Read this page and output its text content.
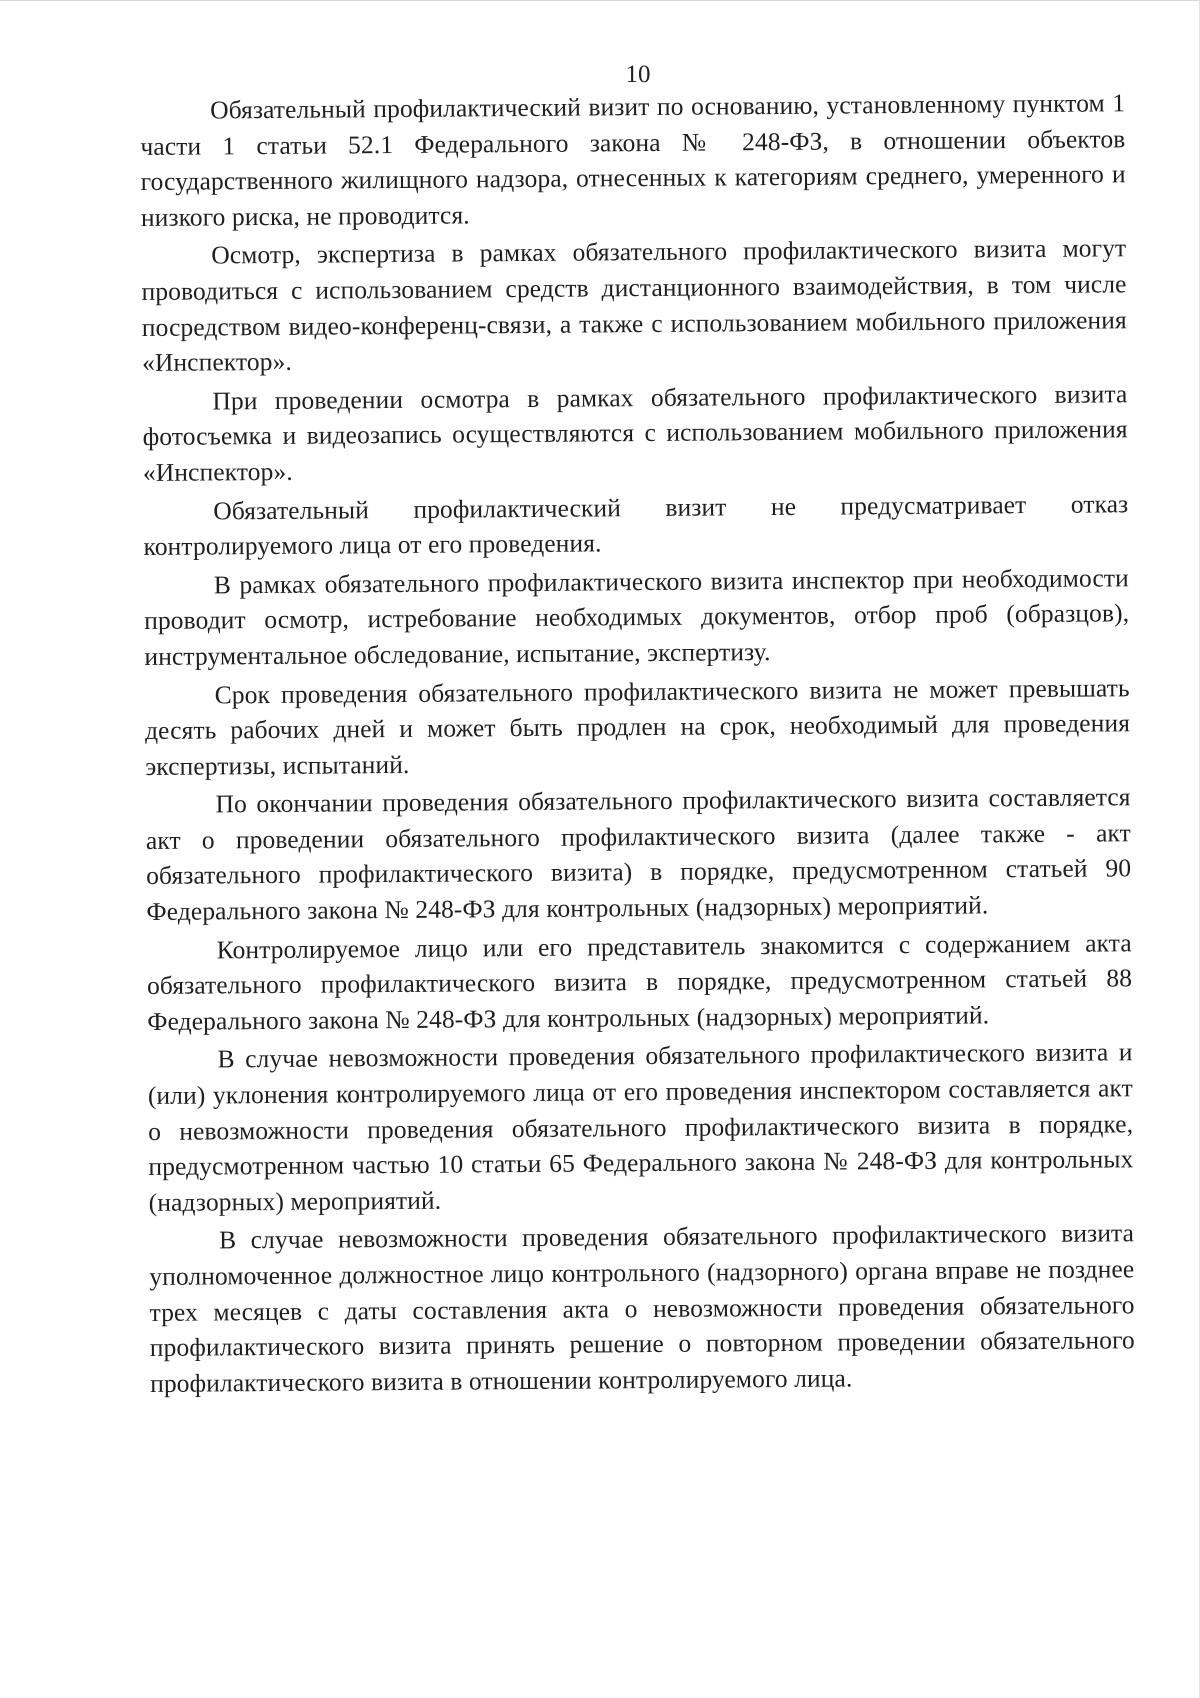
10

Обязательный профилактический визит по основанию, установленному пунктом 1 части 1 статьи 52.1 Федерального закона № 248-ФЗ, в отношении объектов государственного жилищного надзора, отнесенных к категориям среднего, умеренного и низкого риска, не проводится.

Осмотр, экспертиза в рамках обязательного профилактического визита могут проводиться с использованием средств дистанционного взаимодействия, в том числе посредством видео-конференц-связи, а также с использованием мобильного приложения «Инспектор».

При проведении осмотра в рамках обязательного профилактического визита фотосъемка и видеозапись осуществляются с использованием мобильного приложения «Инспектор».

Обязательный профилактический визит не предусматривает отказ контролируемого лица от его проведения.

В рамках обязательного профилактического визита инспектор при необходимости проводит осмотр, истребование необходимых документов, отбор проб (образцов), инструментальное обследование, испытание, экспертизу.

Срок проведения обязательного профилактического визита не может превышать десять рабочих дней и может быть продлен на срок, необходимый для проведения экспертизы, испытаний.

По окончании проведения обязательного профилактического визита составляется акт о проведении обязательного профилактического визита (далее также - акт обязательного профилактического визита) в порядке, предусмотренном статьей 90 Федерального закона № 248-ФЗ для контрольных (надзорных) мероприятий.

Контролируемое лицо или его представитель знакомится с содержанием акта обязательного профилактического визита в порядке, предусмотренном статьей 88 Федерального закона № 248-ФЗ для контрольных (надзорных) мероприятий.

В случае невозможности проведения обязательного профилактического визита и (или) уклонения контролируемого лица от его проведения инспектором составляется акт о невозможности проведения обязательного профилактического визита в порядке, предусмотренном частью 10 статьи 65 Федерального закона № 248-ФЗ для контрольных (надзорных) мероприятий.

В случае невозможности проведения обязательного профилактического визита уполномоченное должностное лицо контрольного (надзорного) органа вправе не позднее трех месяцев с даты составления акта о невозможности проведения обязательного профилактического визита принять решение о повторном проведении обязательного профилактического визита в отношении контролируемого лица.
